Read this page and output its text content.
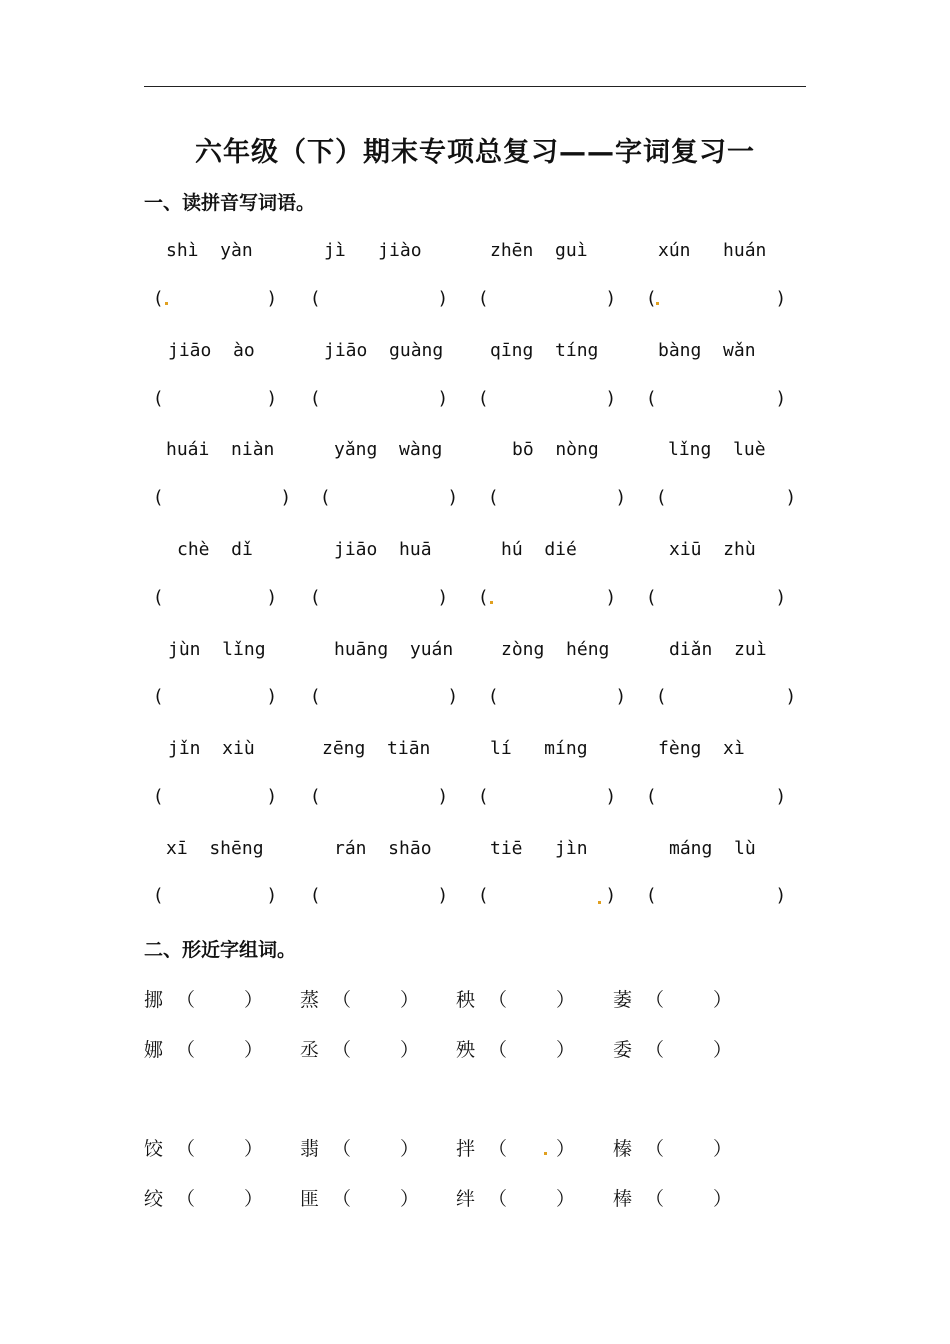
六年级（下）期末专项总复习——字词复习一
一、读拼音写词语。
shì  yàn	jì   jiào	zhēn  guì	xún   huán
(	) (	) (	) (	)
jiāo  ào	jiāo  guàng	qīng  tíng	bàng  wǎn
(	) (	) (	) (	)
huái  niàn	yǎng  wàng	bō  nòng	lǐng  luè
(	) (	) (	) (	)
chè  dǐ	jiāo  huā	hú  dié	xiū  zhù
(	) (	) (	) (	)
jùn  lǐng	huāng  yuán	zòng  héng	diǎn  zuì
(	) (	) (	) (	)
jǐn  xiù	zēng  tiān	lí   míng	fèng  xì
(	) (	) (	) (	)
xī  shēng	rán  shāo	tiē   jìn	máng  lù
(	) (	) (	) (	)
二、形近字组词。
挪 （	） 蒸 （	） 秧 （	） 萎 （	）
娜 （	） 丞 （	） 殃 （	） 委 （	）
饺 （	） 翡 （	） 拌 （	） 榛 （	）
绞 （	） 匪 （	） 绊 （	） 棒 （	）
